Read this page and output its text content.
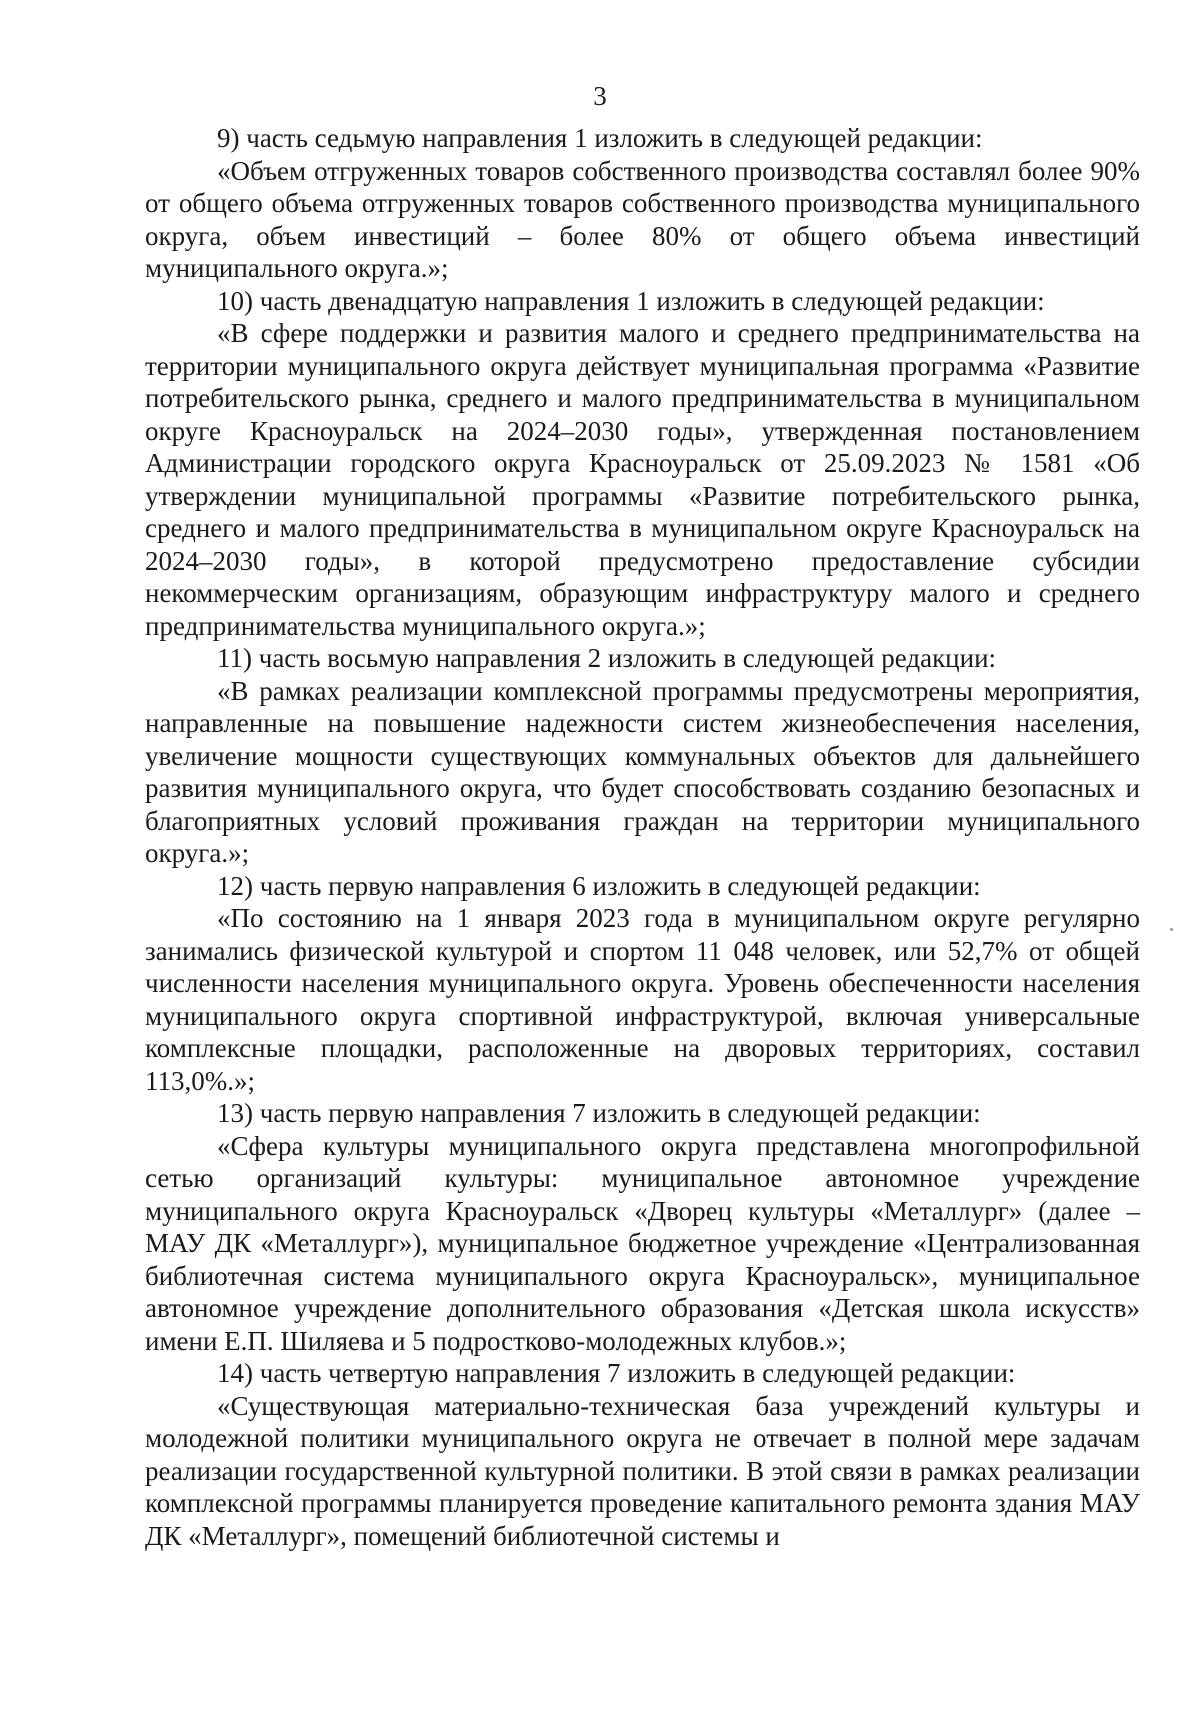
3

9) часть седьмую направления 1 изложить в следующей редакции:

«Объем отгруженных товаров собственного производства составлял более 90% от общего объема отгруженных товаров собственного производства муниципального округа, объем инвестиций – более 80% от общего объема инвестиций муниципального округа.»;

10) часть двенадцатую направления 1 изложить в следующей редакции:

«В сфере поддержки и развития малого и среднего предпринимательства на территории муниципального округа действует муниципальная программа «Развитие потребительского рынка, среднего и малого предпринимательства в муниципальном округе Красноуральск на 2024–2030 годы», утвержденная постановлением Администрации городского округа Красноуральск от 25.09.2023 № 1581 «Об утверждении муниципальной программы «Развитие потребительского рынка, среднего и малого предпринимательства в муниципальном округе Красноуральск на 2024–2030 годы», в которой предусмотрено предоставление субсидии некоммерческим организациям, образующим инфраструктуру малого и среднего предпринимательства муниципального округа.»;

11) часть восьмую направления 2 изложить в следующей редакции:

«В рамках реализации комплексной программы предусмотрены мероприятия, направленные на повышение надежности систем жизнеобеспечения населения, увеличение мощности существующих коммунальных объектов для дальнейшего развития муниципального округа, что будет способствовать созданию безопасных и благоприятных условий проживания граждан на территории муниципального округа.»;

12) часть первую направления 6 изложить в следующей редакции:

«По состоянию на 1 января 2023 года в муниципальном округе регулярно занимались физической культурой и спортом 11 048 человек, или 52,7% от общей численности населения муниципального округа. Уровень обеспеченности населения муниципального округа спортивной инфраструктурой, включая универсальные комплексные площадки, расположенные на дворовых территориях, составил 113,0%.»;

13) часть первую направления 7 изложить в следующей редакции:

«Сфера культуры муниципального округа представлена многопрофильной сетью организаций культуры: муниципальное автономное учреждение муниципального округа Красноуральск «Дворец культуры «Металлург» (далее – МАУ ДК «Металлург»), муниципальное бюджетное учреждение «Централизованная библиотечная система муниципального округа Красноуральск», муниципальное автономное учреждение дополнительного образования «Детская школа искусств» имени Е.П. Шиляева и 5 подростково-молодежных клубов.»;

14) часть четвертую направления 7 изложить в следующей редакции:

«Существующая материально-техническая база учреждений культуры и молодежной политики муниципального округа не отвечает в полной мере задачам реализации государственной культурной политики. В этой связи в рамках реализации комплексной программы планируется проведение капитального ремонта здания МАУ ДК «Металлург», помещений библиотечной системы и
